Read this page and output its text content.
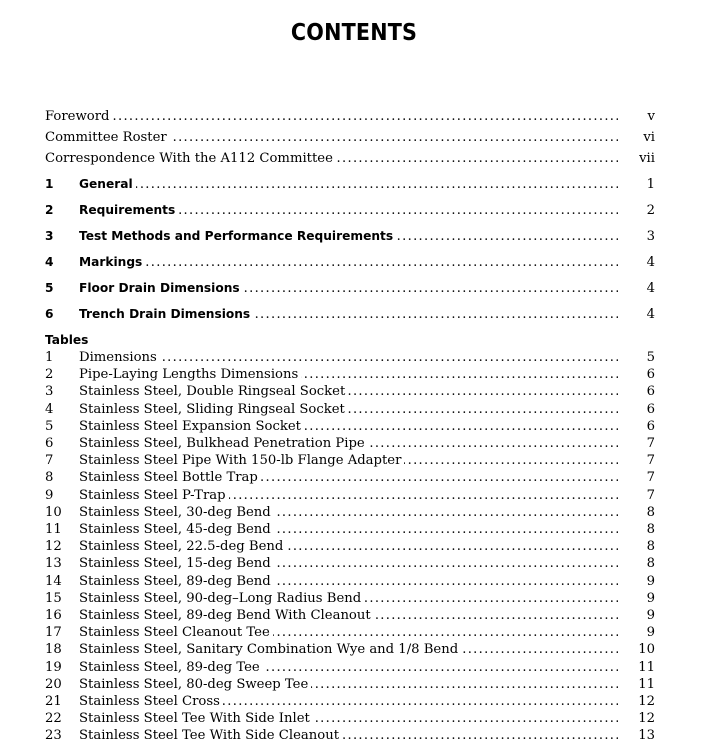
CONTENTS
Foreword . . .	v
Committee Roster . . .	vi
Correspondence With the A112 Committee . . .	vii
1 General . . .	1
2 Requirements . . .	2
3 Test Methods and Performance Requirements . . .	3
4 Markings . . .	4
5 Floor Drain Dimensions . . .	4
6 Trench Drain Dimensions . . .	4
Tables
1 Dimensions . . .	5
2 Pipe-Laying Lengths Dimensions . . .	6
3 Stainless Steel, Double Ringseal Socket . . .	6
4 Stainless Steel, Sliding Ringseal Socket . . .	6
5 Stainless Steel Expansion Socket . . .	6
6 Stainless Steel, Bulkhead Penetration Pipe . . .	7
7 Stainless Steel Pipe With 150-lb Flange Adapter . . .	7
8 Stainless Steel Bottle Trap . . .	7
9 Stainless Steel P-Trap . . .	7
10 Stainless Steel, 30-deg Bend . . .	8
11 Stainless Steel, 45-deg Bend . . .	8
12 Stainless Steel, 22.5-deg Bend . . .	8
13 Stainless Steel, 15-deg Bend . . .	8
14 Stainless Steel, 89-deg Bend . . .	9
15 Stainless Steel, 90-deg–Long Radius Bend . . .	9
16 Stainless Steel, 89-deg Bend With Cleanout . . .	9
17 Stainless Steel Cleanout Tee . . .	9
18 Stainless Steel, Sanitary Combination Wye and 1/8 Bend . . .	10
19 Stainless Steel, 89-deg Tee . . .	11
20 Stainless Steel, 80-deg Sweep Tee . . .	11
21 Stainless Steel Cross . . .	12
22 Stainless Steel Tee With Side Inlet . . .	12
23 Stainless Steel Tee With Side Cleanout . . .	13
